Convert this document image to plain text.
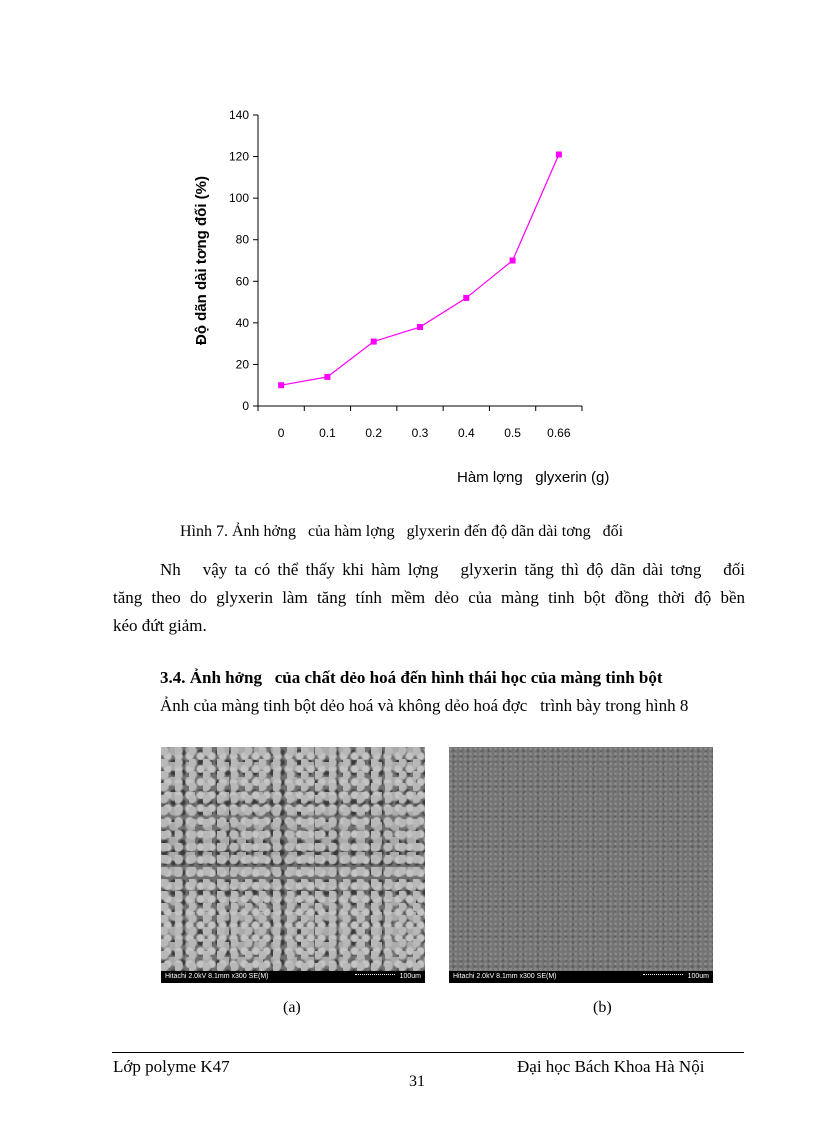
0
20
40
60
80
100
120
140
0	0.1 0.2 0.3 0.4 0.5 0.66
Độ dãn dài tơng đối (%)
Hàm lợng   glyxerin (g)
Hình 7. Ảnh hởng   của hàm lợng   glyxerin đến độ dãn dài tơng   đối
Nh   vậy ta có thể thấy khi hàm lợng   glyxerin tăng thì độ dãn dài tơng   đối
tăng theo do glyxerin làm tăng tính mềm dẻo của màng tinh bột đồng thời độ bền
kéo đứt giảm.
3.4. Ảnh hởng   của chất dẻo hoá đến hình thái học của màng tinh bột
Ảnh của màng tinh bột dẻo hoá và không dẻo hoá đợc   trình bày trong hình 8
Hitachi 2.0kV 8.1mm x300 SE(M)	100um	Hitachi 2.0kV 8.1mm x300 SE(M)	100um
(a)	(b)
Lớp polyme K47	Đại học Bách Khoa Hà Nội
31
